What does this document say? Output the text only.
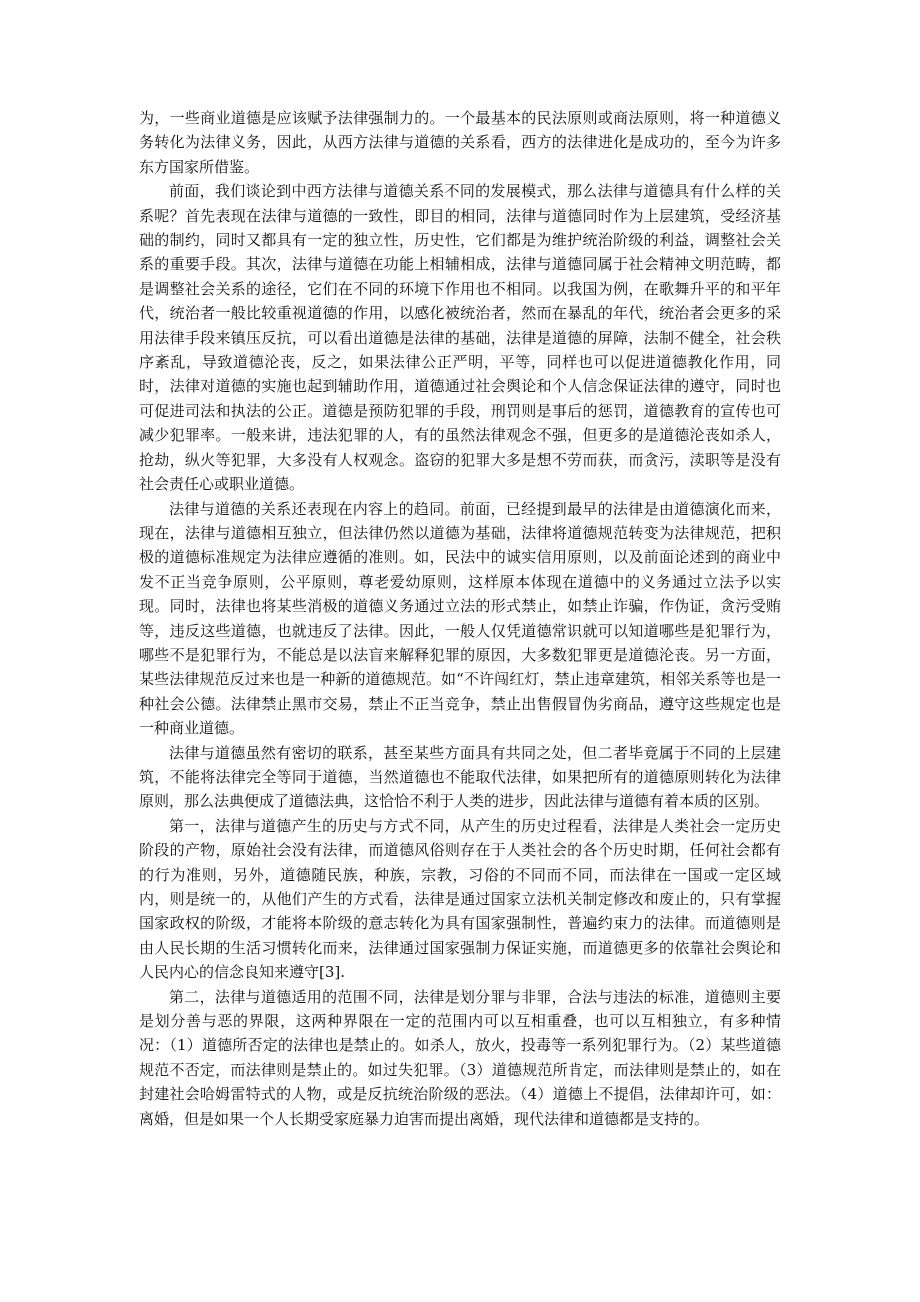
为，一些商业道德是应该赋予法律强制力的。一个最基本的民法原则或商法原则，将一种道德义务转化为法律义务，因此，从西方法律与道德的关系看，西方的法律进化是成功的，至今为许多东方国家所借鉴。

前面，我们谈论到中西方法律与道德关系不同的发展模式，那么法律与道德具有什么样的关系呢？首先表现在法律与道德的一致性，即目的相同，法律与道德同时作为上层建筑，受经济基础的制约，同时又都具有一定的独立性，历史性，它们都是为维护统治阶级的利益，调整社会关系的重要手段。其次，法律与道德在功能上相辅相成，法律与道德同属于社会精神文明范畴，都是调整社会关系的途径，它们在不同的环境下作用也不相同。以我国为例，在歌舞升平的和平年代，统治者一般比较重视道德的作用，以感化被统治者，然而在暴乱的年代，统治者会更多的采用法律手段来镇压反抗，可以看出道德是法律的基础，法律是道德的屏障，法制不健全，社会秩序紊乱，导致道德沦丧，反之，如果法律公正严明，平等，同样也可以促进道德教化作用，同时，法律对道德的实施也起到辅助作用，道德通过社会舆论和个人信念保证法律的遵守，同时也可促进司法和执法的公正。道德是预防犯罪的手段，刑罚则是事后的惩罚，道德教育的宣传也可减少犯罪率。一般来讲，违法犯罪的人，有的虽然法律观念不强，但更多的是道德沦丧如杀人，抢劫，纵火等犯罪，大多没有人权观念。盗窃的犯罪大多是想不劳而获，而贪污，渎职等是没有社会责任心或职业道德。

法律与道德的关系还表现在内容上的趋同。前面，已经提到最早的法律是由道德演化而来，现在，法律与道德相互独立，但法律仍然以道德为基础，法律将道德规范转变为法律规范，把积极的道德标准规定为法律应遵循的准则。如，民法中的诚实信用原则，以及前面论述到的商业中发不正当竞争原则，公平原则，尊老爱幼原则，这样原本体现在道德中的义务通过立法予以实现。同时，法律也将某些消极的道德义务通过立法的形式禁止，如禁止诈骗，作伪证，贪污受贿等，违反这些道德，也就违反了法律。因此，一般人仅凭道德常识就可以知道哪些是犯罪行为，哪些不是犯罪行为，不能总是以法盲来解释犯罪的原因，大多数犯罪更是道德沦丧。另一方面，某些法律规范反过来也是一种新的道德规范。如“不许闯红灯，禁止违章建筑，相邻关系等也是一种社会公德。法律禁止黑市交易，禁止不正当竞争，禁止出售假冒伪劣商品，遵守这些规定也是一种商业道德。

法律与道德虽然有密切的联系，甚至某些方面具有共同之处，但二者毕竟属于不同的上层建筑，不能将法律完全等同于道德，当然道德也不能取代法律，如果把所有的道德原则转化为法律原则，那么法典便成了道德法典，这恰恰不利于人类的进步，因此法律与道德有着本质的区别。

第一，法律与道德产生的历史与方式不同，从产生的历史过程看，法律是人类社会一定历史阶段的产物，原始社会没有法律，而道德风俗则存在于人类社会的各个历史时期，任何社会都有的行为准则，另外，道德随民族，种族，宗教，习俗的不同而不同，而法律在一国或一定区域内，则是统一的，从他们产生的方式看，法律是通过国家立法机关制定修改和废止的，只有掌握国家政权的阶级，才能将本阶级的意志转化为具有国家强制性，普遍约束力的法律。而道德则是由人民长期的生活习惯转化而来，法律通过国家强制力保证实施，而道德更多的依靠社会舆论和人民内心的信念良知来遵守[3].

第二，法律与道德适用的范围不同，法律是划分罪与非罪，合法与违法的标准，道德则主要是划分善与恶的界限，这两种界限在一定的范围内可以互相重叠，也可以互相独立，有多种情况：（1）道德所否定的法律也是禁止的。如杀人，放火，投毒等一系列犯罪行为。（2）某些道德规范不否定，而法律则是禁止的。如过失犯罪。（3）道德规范所肯定，而法律则是禁止的，如在封建社会哈姆雷特式的人物，或是反抗统治阶级的恶法。（4）道德上不提倡，法律却许可，如：离婚，但是如果一个人长期受家庭暴力迫害而提出离婚，现代法律和道德都是支持的。
